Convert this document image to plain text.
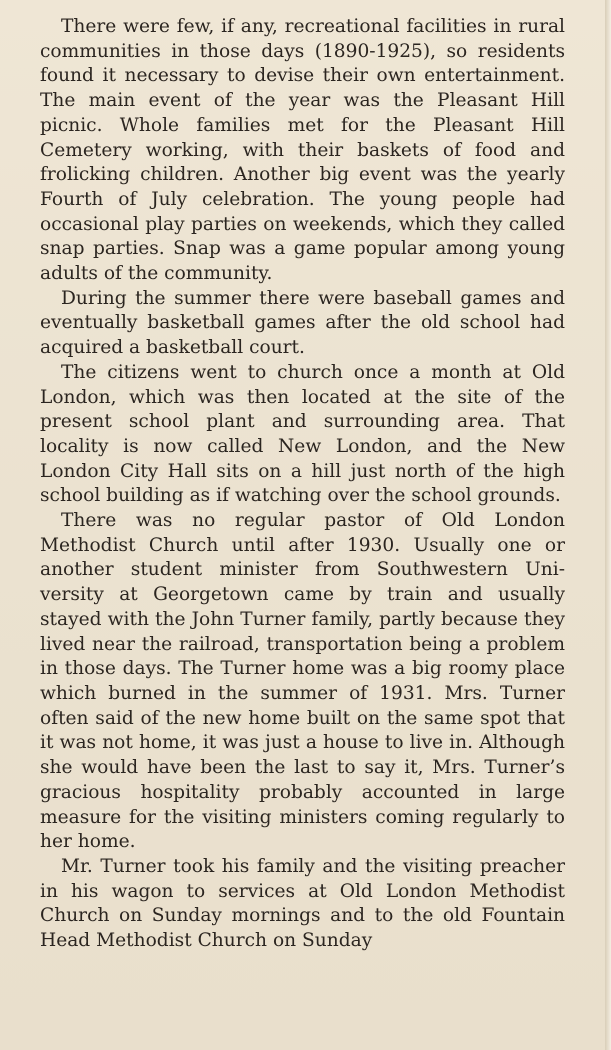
There were few, if any, recreational facilities in rural communities in those days (1890-1925), so residents found it necessary to devise their own entertainment. The main event of the year was the Pleasant Hill picnic. Whole families met for the Pleasant Hill Cemetery working, with their baskets of food and frolicking children. Another big event was the yearly Fourth of July celebration. The young people had occasional play parties on weekends, which they called snap parties. Snap was a game popular among young adults of the community.

During the summer there were baseball games and eventually basketball games after the old school had acquired a basketball court.

The citizens went to church once a month at Old London, which was then located at the site of the present school plant and surrounding area. That locality is now called New London, and the New London City Hall sits on a hill just north of the high school building as if watching over the school grounds.

There was no regular pastor of Old London Methodist Church until after 1930. Usually one or another student minister from Southwestern University at Georgetown came by train and usually stayed with the John Turner family, partly because they lived near the railroad, transportation being a problem in those days. The Turner home was a big roomy place which burned in the summer of 1931. Mrs. Turner often said of the new home built on the same spot that it was not home, it was just a house to live in. Although she would have been the last to say it, Mrs. Turner’s gracious hospitality probably accounted in large measure for the visiting ministers coming regularly to her home.

Mr. Turner took his family and the visiting preacher in his wagon to services at Old London Methodist Church on Sunday mornings and to the old Fountain Head Methodist Church on Sunday
